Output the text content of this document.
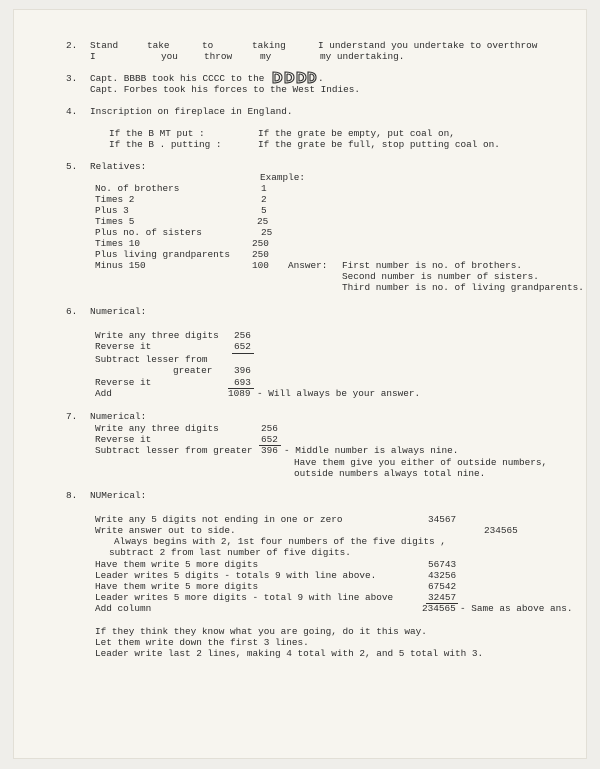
2. Stand	take	to	taking	I understand you undertake to overthrow
I	you	throw	my	my undertaking.
3. Capt. BBBB took his CCCC to the	.
Capt. Forbes took his forces to the West Indies.
4. Inscription on fireplace in England.
If the B MT put :	If the grate be empty, put coal on,
If the B . putting :	If the grate be full, stop putting coal on.
5. Relatives:
Example:
No. of brothers	1
Times 2	2
Plus 3	5
Times 5	25
Plus no. of sisters	25
Times 10	250
Plus living grandparents 250
Minus 150	100 Answer: First number is no. of brothers.
Second number is number of sisters.
Third number is no. of living grandparents.
6. Numerical:
Write any three digits 256
Reverse it	652
Subtract lesser from
greater 396
Reverse it	693
Add	1089 - Will always be your answer.
7. Numerical:
Write any three digits	256
Reverse it	652
Subtract lesser from greater 396 - Middle number is always nine.
Have them give you either of outside numbers,
outside numbers always total nine.
8. NUMerical:
Write any 5 digits not ending in one or zero	34567
Write answer out to side.	234565
Always begins with 2, 1st four numbers of the five digits ,
subtract 2 from last number of five digits.
Have them write 5 more digits	56743
Leader writes 5 digits - totals 9 with line above.	43256
Have them write 5 more digits	67542
Leader writes 5 more digits - total 9 with line above	32457
Add column	234565 - Same as above ans.
If they think they know what you are going, do it this way.
Let them write down the first 3 lines.
Leader write last 2 lines, making 4 total with 2, and 5 total with 3.
